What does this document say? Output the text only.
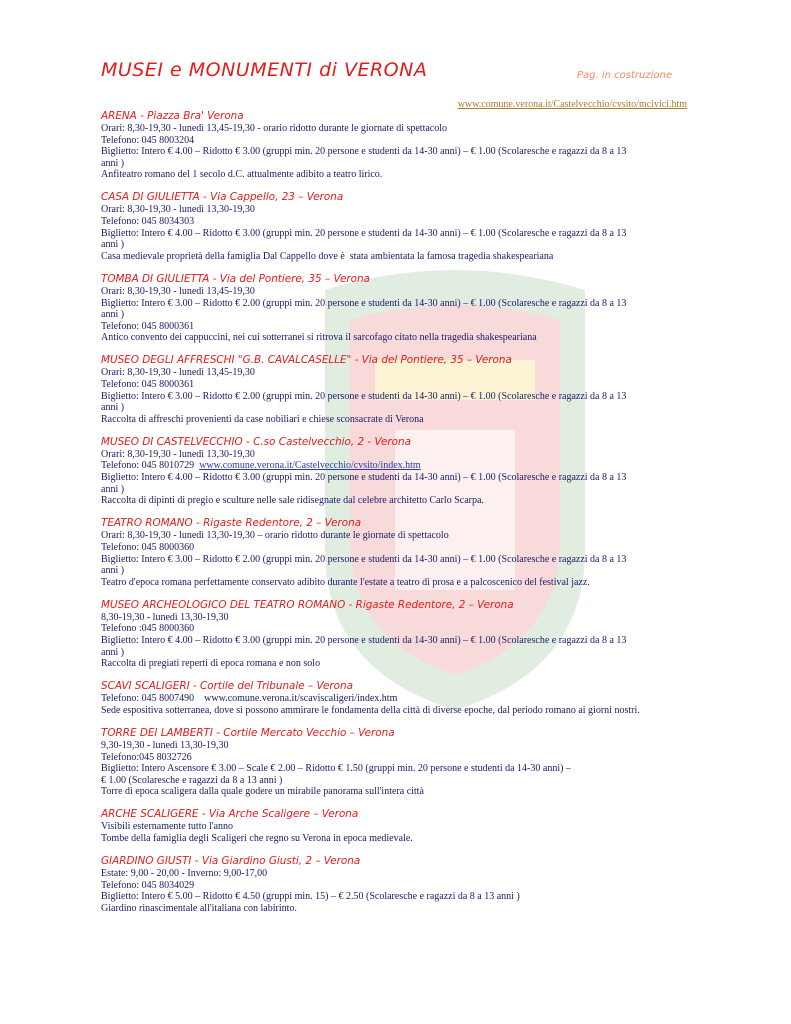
MUSEI e MONUMENTI di VERONA	Pag. in costruzione
www.comune.verona.it/Castelvecchio/cvsito/mcivici.htm
ARENA - Piazza Bra' Verona
Orari: 8,30-19,30 - lunedì 13,45-19,30 - orario ridotto durante le giornate di spettacolo
Telefono: 045 8003204
Biglietto: Intero € 4.00 – Ridotto € 3.00 (gruppi min. 20 persone e studenti da 14-30 anni) – € 1.00 (Scolaresche e ragazzi da 8 a 13
anni )
Anfiteatro romano del 1 secolo d.C. attualmente adibito a teatro lirico.
CASA DI GIULIETTA - Via Cappello, 23 – Verona
Orari: 8,30-19,30 - lunedì 13,30-19,30
Telefono: 045 8034303
Biglietto: Intero € 4.00 – Ridotto € 3.00 (gruppi min. 20 persone e studenti da 14-30 anni) – € 1.00 (Scolaresche e ragazzi da 8 a 13
anni )
Casa medievale proprietà della famiglia Dal Cappello dove è  stata ambientata la famosa tragedia shakespeariana
TOMBA DI GIULIETTA - Via del Pontiere, 35 – Verona
Orari: 8,30-19,30 - lunedì 13,45-19,30
Biglietto: Intero € 3.00 – Ridotto € 2.00 (gruppi min. 20 persone e studenti da 14-30 anni) – € 1.00 (Scolaresche e ragazzi da 8 a 13
anni )
Telefono: 045 8000361
Antico convento dei cappuccini, nei cui sotterranei si ritrova il sarcofago citato nella tragedia shakespeariana
MUSEO DEGLI AFFRESCHI "G.B. CAVALCASELLE" - Via del Pontiere, 35 – Verona
Orari: 8,30-19,30 - lunedì 13,45-19,30
Telefono: 045 8000361
Biglietto: Intero € 3.00 – Ridotto € 2.00 (gruppi min. 20 persone e studenti da 14-30 anni) – € 1.00 (Scolaresche e ragazzi da 8 a 13
anni )
Raccolta di affreschi provenienti da case nobiliari e chiese sconsacrate di Verona
MUSEO DI CASTELVECCHIO - C.so Castelvecchio, 2 - Verona
Orari: 8,30-19,30 - lunedì 13,30-19,30
Telefono: 045 8010729  www.comune.verona.it/Castelvecchio/cvsito/index.htm
Biglietto: Intero € 4.00 – Ridotto € 3.00 (gruppi min. 20 persone e studenti da 14-30 anni) – € 1.00 (Scolaresche e ragazzi da 8 a 13
anni )
Raccolta di dipinti di pregio e sculture nelle sale ridisegnate dal celebre architetto Carlo Scarpa.
TEATRO ROMANO - Rigaste Redentore, 2 – Verona
Orari: 8,30-19,30 - lunedì 13,30-19,30 – orario ridotto durante le giornate di spettacolo
Telefono: 045 8000360
Biglietto: Intero € 3.00 – Ridotto € 2.00 (gruppi min. 20 persone e studenti da 14-30 anni) – € 1.00 (Scolaresche e ragazzi da 8 a 13
anni )
Teatro d'epoca romana perfettamente conservato adibito durante l'estate a teatro di prosa e a palcoscenico del festival jazz.
MUSEO ARCHEOLOGICO DEL TEATRO ROMANO - Rigaste Redentore, 2 – Verona
8,30-19,30 - lunedì 13,30-19,30
Telefono :045 8000360
Biglietto: Intero € 4.00 – Ridotto € 3.00 (gruppi min. 20 persone e studenti da 14-30 anni) – € 1.00 (Scolaresche e ragazzi da 8 a 13
anni )
Raccolta di pregiati reperti di epoca romana e non solo
SCAVI SCALIGERI - Cortile del Tribunale – Verona
Telefono: 045 8007490    www.comune.verona.it/scaviscaligeri/index.htm
Sede espositiva sotterranea, dove si possono ammirare le fondamenta della città di diverse epoche, dal periodo romano ai giorni nostri.
TORRE DEI LAMBERTI - Cortile Mercato Vecchio – Verona
9,30-19,30 - lunedì 13,30-19,30
Telefono:045 8032726
Biglietto: Intero Ascensore € 3.00 – Scale € 2.00 – Ridotto € 1.50 (gruppi min. 20 persone e studenti da 14-30 anni) –
€ 1.00 (Scolaresche e ragazzi da 8 a 13 anni )
Torre di epoca scaligera dalla quale godere un mirabile panorama sull'intera città
ARCHE SCALIGERE - Via Arche Scaligere – Verona
Visibili esternamente tutto l'anno
Tombe della famiglia degli Scaligeri che regno su Verona in epoca medievale.
GIARDINO GIUSTI - Via Giardino Giusti, 2 – Verona
Estate: 9,00 - 20,00 - Inverno: 9,00-17,00
Telefono: 045 8034029
Biglietto: Intero € 5.00 – Ridotto € 4.50 (gruppi min. 15) – € 2.50 (Scolaresche e ragazzi da 8 a 13 anni )
Giardino rinascimentale all'italiana con labirinto.
